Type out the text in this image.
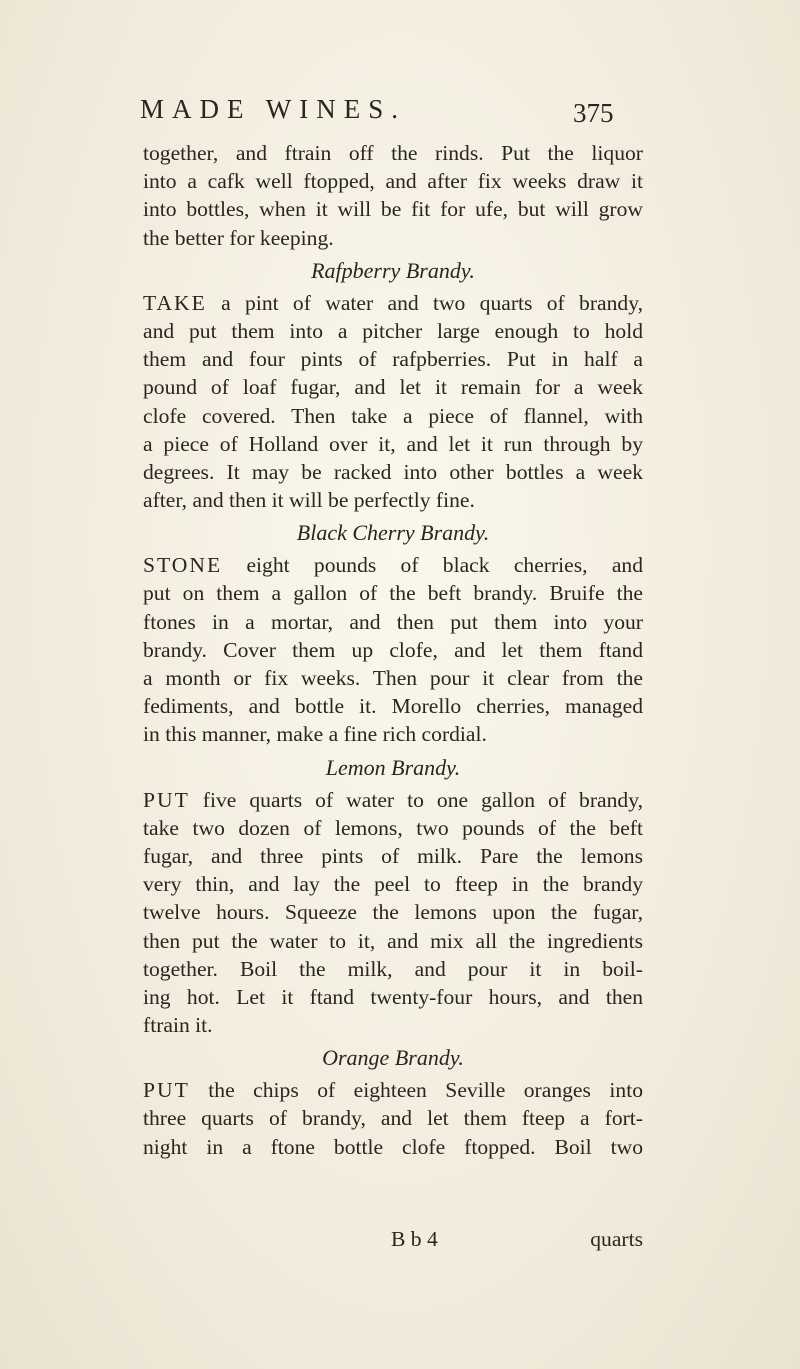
MADE WINES.	375
together, and ftrain off the rinds. Put the liquor
into a cafk well ftopped, and after fix weeks draw it
into bottles, when it will be fit for ufe, but will grow
the better for keeping.
Rafpberry Brandy.
TAKE a pint of water and two quarts of brandy,
and put them into a pitcher large enough to hold
them and four pints of rafpberries. Put in half a
pound of loaf fugar, and let it remain for a week
clofe covered. Then take a piece of flannel, with
a piece of Holland over it, and let it run through by
degrees. It may be racked into other bottles a week
after, and then it will be perfectly fine.
Black Cherry Brandy.
STONE eight pounds of black cherries, and
put on them a gallon of the beft brandy. Bruife the
ftones in a mortar, and then put them into your
brandy. Cover them up clofe, and let them ftand
a month or fix weeks. Then pour it clear from the
fediments, and bottle it. Morello cherries, managed
in this manner, make a fine rich cordial.
Lemon Brandy.
PUT five quarts of water to one gallon of brandy,
take two dozen of lemons, two pounds of the beft
fugar, and three pints of milk. Pare the lemons
very thin, and lay the peel to fteep in the brandy
twelve hours. Squeeze the lemons upon the fugar,
then put the water to it, and mix all the ingredients
together. Boil the milk, and pour it in boil-
ing hot. Let it ftand twenty-four hours, and then
ftrain it.
Orange Brandy.
PUT the chips of eighteen Seville oranges into
three quarts of brandy, and let them fteep a fort-
night in a ftone bottle clofe ftopped. Boil two
B b 4	quarts
